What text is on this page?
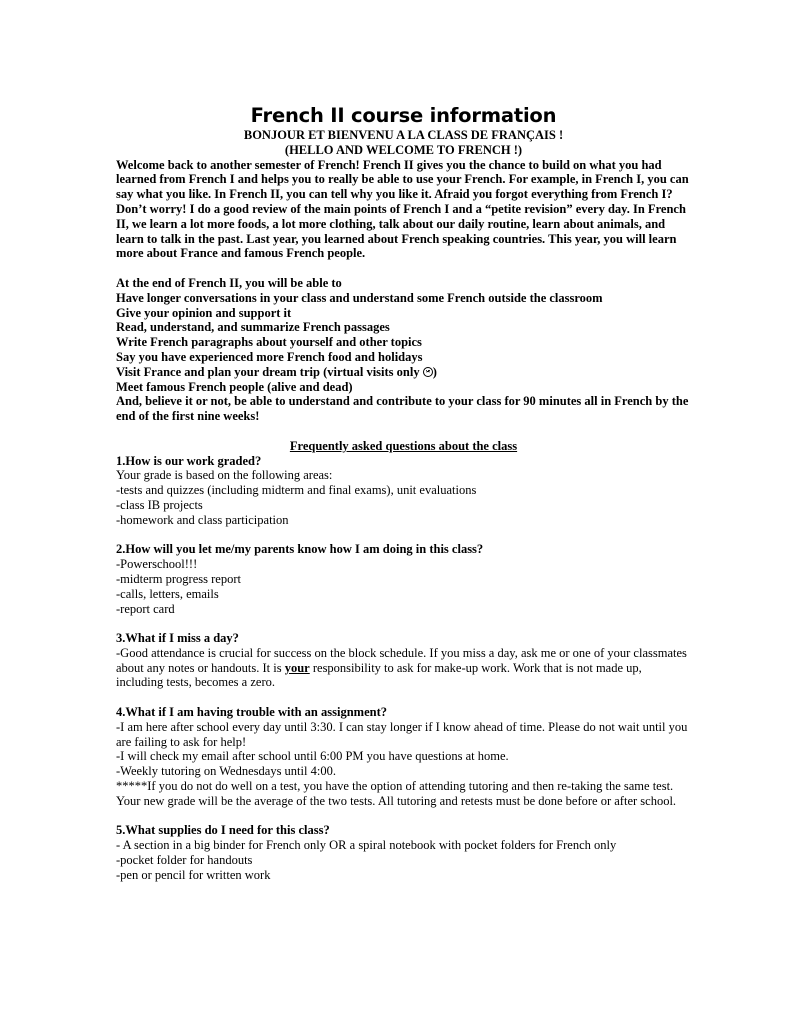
French II course information

BONJOUR ET BIENVENU A LA CLASS DE FRANÇAIS !

(HELLO AND WELCOME TO FRENCH !)

Welcome back to another semester of French! French II gives you the chance to build on what you had learned from French I and helps you to really be able to use your French. For example, in French I, you can say what you like. In French II, you can tell why you like it. Afraid you forgot everything from French I? Don’t worry! I do a good review of the main points of French I and a “petite revision” every day. In French II, we learn a lot more foods, a lot more clothing, talk about our daily routine, learn about animals, and learn to talk in the past. Last year, you learned about French speaking countries. This year, you will learn more about France and famous French people.

At the end of French II, you will be able to

Have longer conversations in your class and understand some French outside the classroom

Give your opinion and support it

Read, understand, and summarize French passages

Write French paragraphs about yourself and other topics

Say you have experienced more French food and holidays

Visit France and plan your dream trip (virtual visits only
)

Meet famous French people (alive and dead)

And, believe it or not, be able to understand and contribute to your class for 90 minutes all in French by the end of the first nine weeks!

Frequently asked questions about the class

1.How is our work graded?

Your grade is based on the following areas:

-tests and quizzes (including midterm and final exams), unit evaluations

-class IB projects

-homework and class participation

2.How will you let me/my parents know how I am doing in this class?

-Powerschool!!!

-midterm progress report

-calls, letters, emails

-report card

3.What if I miss a day?

-Good attendance is crucial for success on the block schedule. If you miss a day, ask me or one of your classmates about any notes or handouts. It is your responsibility to ask for make-up work. Work that is not made up, including tests, becomes a zero.

4.What if I am having trouble with an assignment?

-I am here after school every day until 3:30. I can stay longer if I know ahead of time. Please do not wait until you are failing to ask for help!

-I will check my email after school until 6:00 PM you have questions at home.

-Weekly tutoring on Wednesdays until 4:00.

*****If you do not do well on a test, you have the option of attending tutoring and then re-taking the same test. Your new grade will be the average of the two tests. All tutoring and retests must be done before or after school.

5.What supplies do I need for this class?

- A section in a big binder for French only OR a spiral notebook with pocket folders for French only

-pocket folder for handouts

-pen or pencil for written work
